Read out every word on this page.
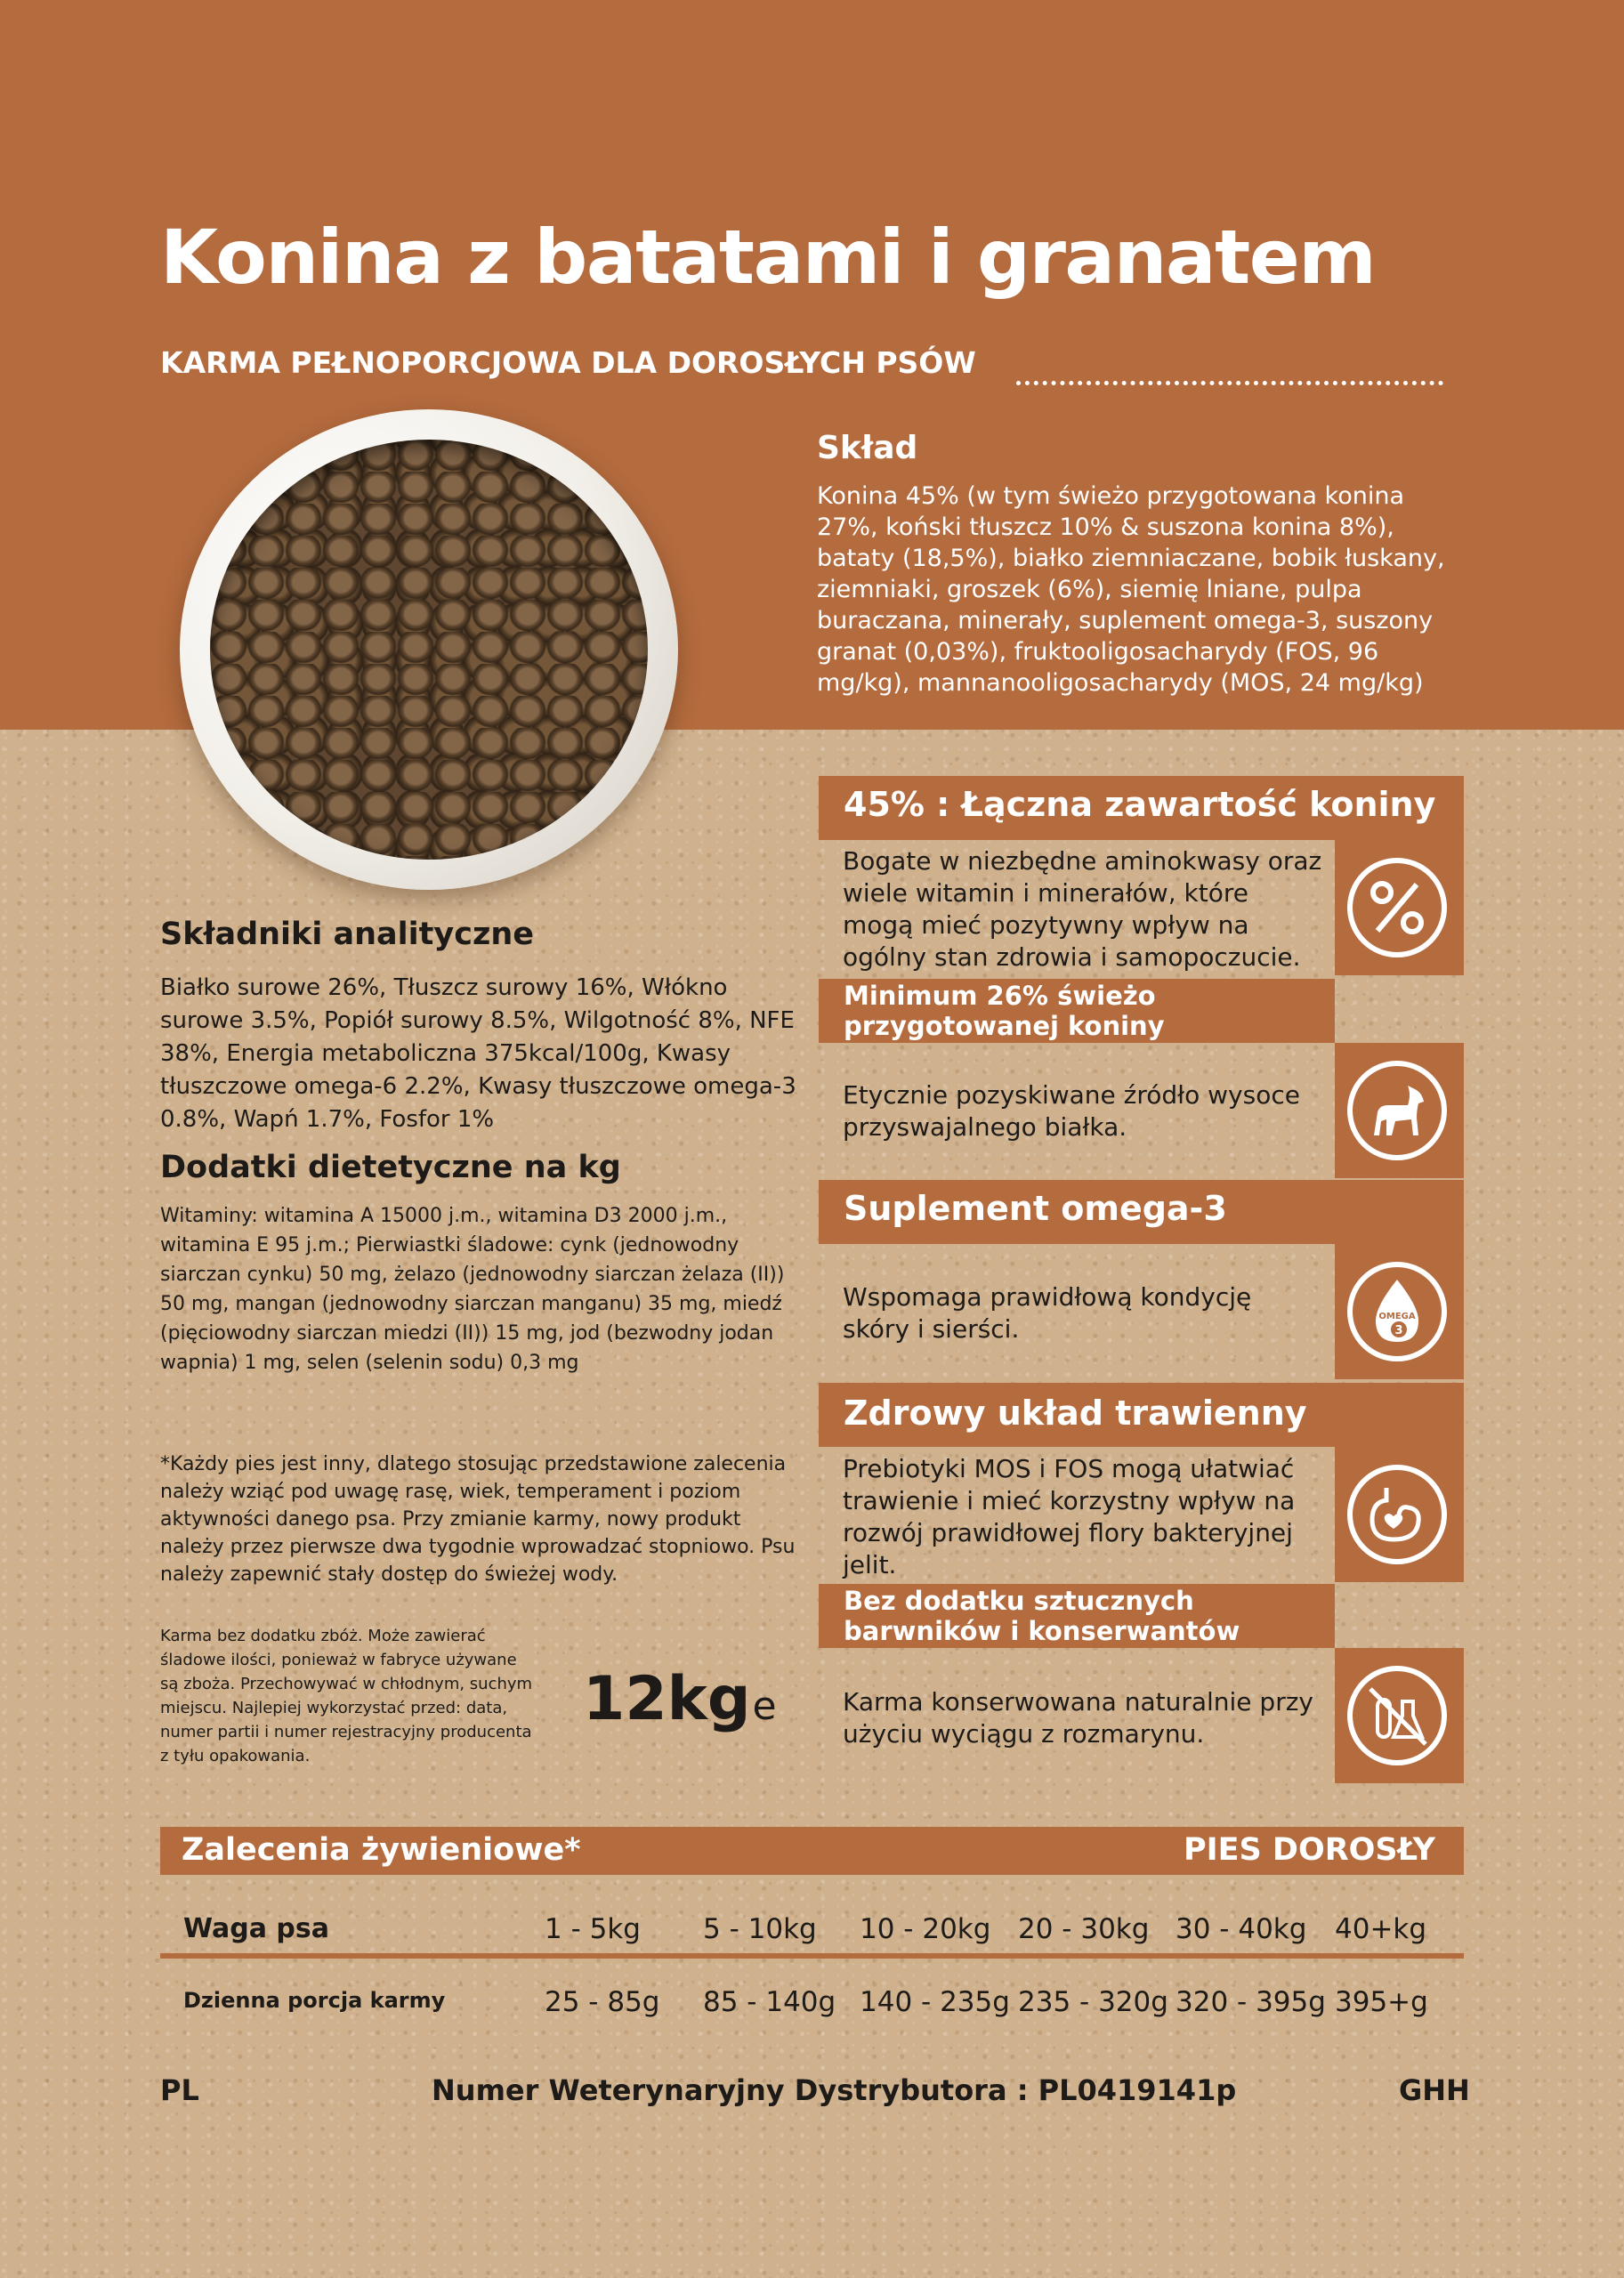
Konina z batatami i granatem

KARMA PEŁNOPORCJOWA DLA DOROSŁYCH PSÓW

Skład

Konina 45% (w tym świeżo przygotowana konina 27%, koński tłuszcz 10% & suszona konina 8%), bataty (18,5%), białko ziemniaczane, bobik łuskany, ziemniaki, groszek (6%), siemię lniane, pulpa buraczana, minerały, suplement omega-3, suszony granat (0,03%), fruktooligosacharydy (FOS, 96 mg/kg), mannanooligosacharydy (MOS, 24 mg/kg)

Składniki analityczne

Białko surowe 26%, Tłuszcz surowy 16%, Włókno surowe 3.5%, Popiół surowy 8.5%, Wilgotność 8%, NFE 38%, Energia metaboliczna 375kcal/100g, Kwasy tłuszczowe omega-6 2.2%, Kwasy tłuszczowe omega-3 0.8%, Wapń 1.7%, Fosfor 1%

Dodatki dietetyczne na kg

Witaminy: witamina A 15000 j.m., witamina D3 2000 j.m., witamina E 95 j.m.; Pierwiastki śladowe: cynk (jednowodny siarczan cynku) 50 mg, żelazo (jednowodny siarczan żelaza (II)) 50 mg, mangan (jednowodny siarczan manganu) 35 mg, miedź (pięciowodny siarczan miedzi (II)) 15 mg, jod (bezwodny jodan wapnia) 1 mg, selen (selenin sodu) 0,3 mg

*Każdy pies jest inny, dlatego stosując przedstawione zalecenia należy wziąć pod uwagę rasę, wiek, temperament i poziom aktywności danego psa. Przy zmianie karmy, nowy produkt należy przez pierwsze dwa tygodnie wprowadzać stopniowo. Psu należy zapewnić stały dostęp do świeżej wody.

Karma bez dodatku zbóż. Może zawierać śladowe ilości, ponieważ w fabryce używane są zboża. Przechowywać w chłodnym, suchym miejscu. Najlepiej wykorzystać przed: data, numer partii i numer rejestracyjny producenta z tyłu opakowania.

12kge

45% : Łączna zawartość koniny

Bogate w niezbędne aminokwasy oraz wiele witamin i minerałów, które mogą mieć pozytywny wpływ na ogólny stan zdrowia i samopoczucie.

Minimum 26% świeżo przygotowanej koniny

Etycznie pozyskiwane źródło wysoce przyswajalnego białka.

Suplement omega-3

Wspomaga prawidłową kondycję skóry i sierści.	OMEGA
3

Zdrowy układ trawienny

Prebiotyki MOS i FOS mogą ułatwiać trawienie i mieć korzystny wpływ na rozwój prawidłowej flory bakteryjnej jelit.

Bez dodatku sztucznych barwników i konserwantów

Karma konserwowana naturalnie przy użyciu wyciągu z rozmarynu.

Zalecenia żywieniowe*	PIES DOROSŁY

Waga psa	1 - 5kg 5 - 10kg 10 - 20kg 20 - 30kg 30 - 40kg 40+kg

Dzienna porcja karmy	25 - 85g 85 - 140g 140 - 235g 235 - 320g 320 - 395g 395+g

PL	Numer Weterynaryjny Dystrybutora : PL0419141p	GHH
